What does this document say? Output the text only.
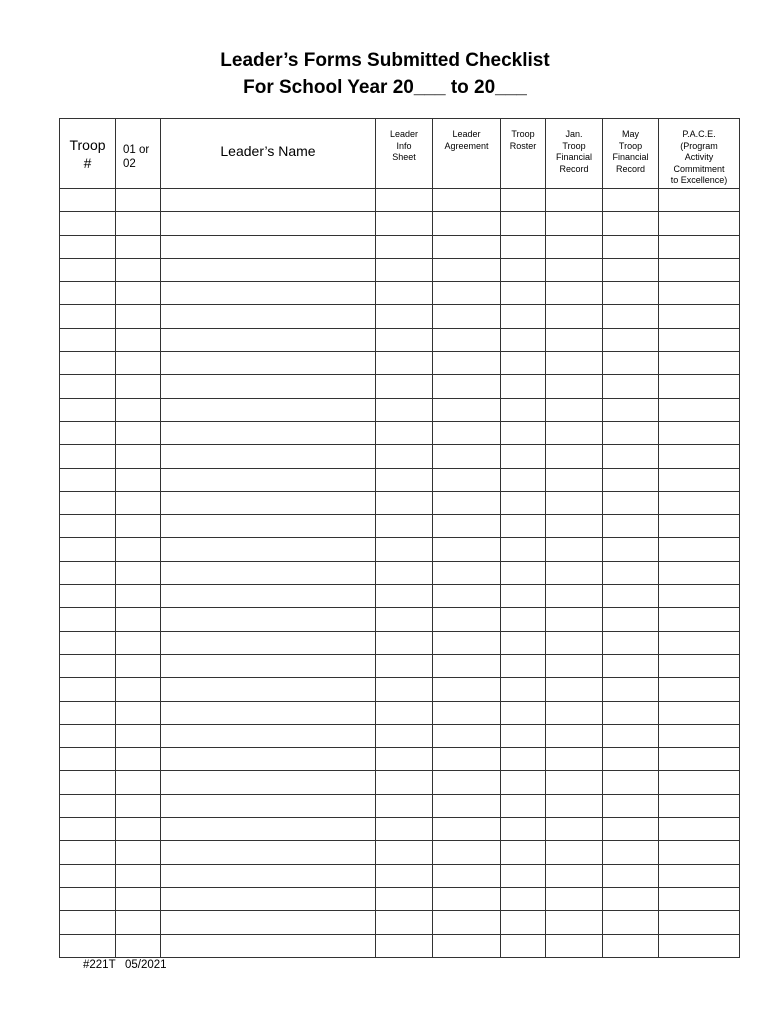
Leader’s Forms Submitted Checklist
For School Year 20___ to 20___
Troop
#	01 or
02	Leader’s Name	Leader
Info
Sheet	Leader
Agreement	Troop
Roster	Jan.
Troop
Financial
Record	May
Troop
Financial
Record	P.A.C.E.
(Program
Activity
Commitment
to Excellence)

#221T   05/2021
